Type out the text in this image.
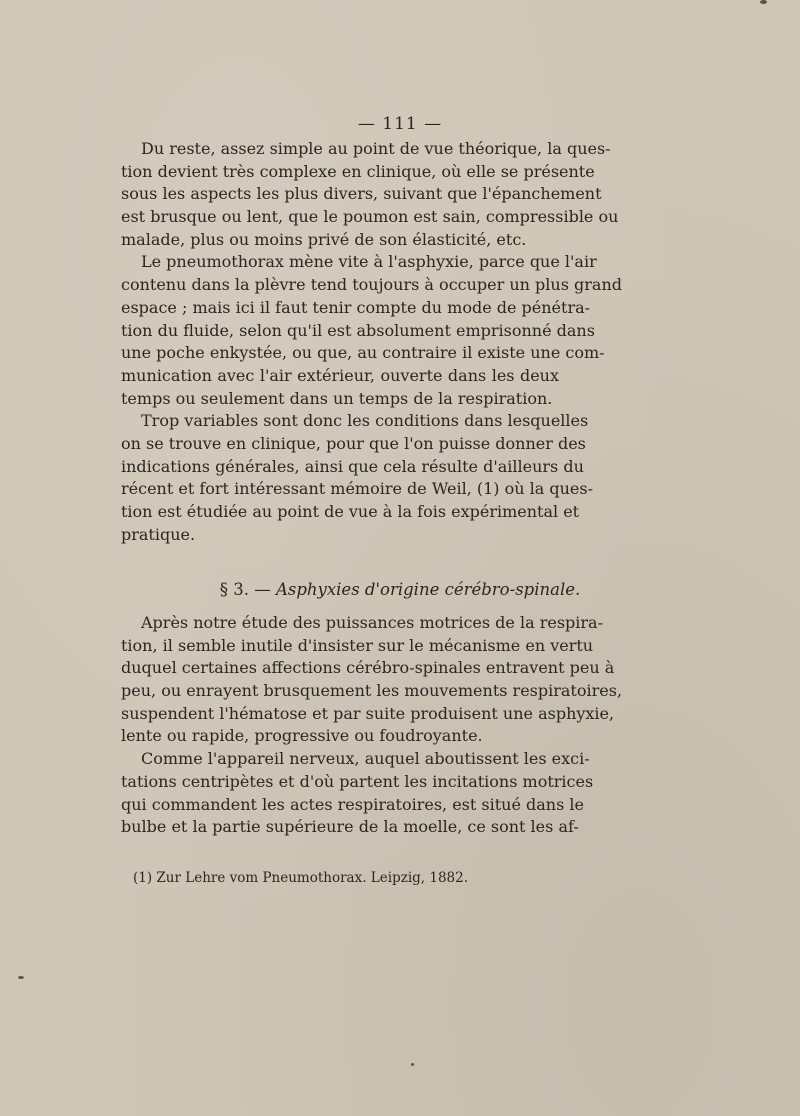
— 111 —
Du reste, assez simple au point de vue théorique, la ques-
tion devient très complexe en clinique, où elle se présente
sous les aspects les plus divers, suivant que l'épanchement
est brusque ou lent, que le poumon est sain, compressible ou
malade, plus ou moins privé de son élasticité, etc.
Le pneumothorax mène vite à l'asphyxie, parce que l'air
contenu dans la plèvre tend toujours à occuper un plus grand
espace ; mais ici il faut tenir compte du mode de pénétra-
tion du fluide, selon qu'il est absolument emprisonné dans
une poche enkystée, ou que, au contraire il existe une com-
munication avec l'air extérieur, ouverte dans les deux
temps ou seulement dans un temps de la respiration.
Trop variables sont donc les conditions dans lesquelles
on se trouve en clinique, pour que l'on puisse donner des
indications générales, ainsi que cela résulte d'ailleurs du
récent et fort intéressant mémoire de Weil, (1) où la ques-
tion est étudiée au point de vue à la fois expérimental et
pratique.
§ 3. — Asphyxies d'origine cérébro-spinale.
Après notre étude des puissances motrices de la respira-
tion, il semble inutile d'insister sur le mécanisme en vertu
duquel certaines affections cérébro-spinales entravent peu à
peu, ou enrayent brusquement les mouvements respiratoires,
suspendent l'hématose et par suite produisent une asphyxie,
lente ou rapide, progressive ou foudroyante.
Comme l'appareil nerveux, auquel aboutissent les exci-
tations centripètes et d'où partent les incitations motrices
qui commandent les actes respiratoires, est situé dans le
bulbe et la partie supérieure de la moelle, ce sont les af-
(1) Zur Lehre vom Pneumothorax. Leipzig, 1882.
